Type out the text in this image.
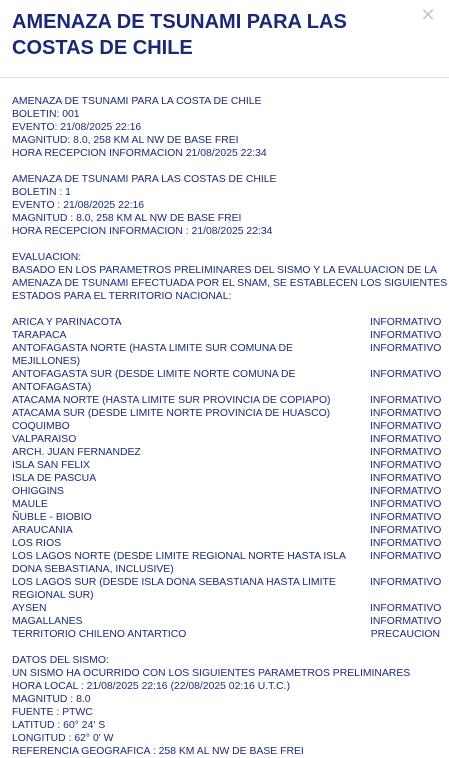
AMENAZA DE TSUNAMI PARA LAS COSTAS DE CHILE
✕
AMENAZA DE TSUNAMI PARA LA COSTA DE CHILE
BOLETIN: 001
EVENTO: 21/08/2025 22:16
MAGNITUD: 8.0, 258 KM AL NW DE BASE FREI
HORA RECEPCION INFORMACION 21/08/2025 22:34
AMENAZA DE TSUNAMI PARA LAS COSTAS DE CHILE
BOLETIN : 1
EVENTO : 21/08/2025 22:16
MAGNITUD : 8.0, 258 KM AL NW DE BASE FREI
HORA RECEPCION INFORMACION : 21/08/2025 22:34
EVALUACION:
BASADO EN LOS PARAMETROS PRELIMINARES DEL SISMO Y LA EVALUACION DE LA
AMENAZA DE TSUNAMI EFECTUADA POR EL SNAM, SE ESTABLECEN LOS SIGUIENTES
ESTADOS PARA EL TERRITORIO NACIONAL:
ARICA Y PARINACOTA	INFORMATIVO
TARAPACA	INFORMATIVO
ANTOFAGASTA NORTE (HASTA LIMITE SUR COMUNA DE MEJILLONES)
INFORMATIVO
ANTOFAGASTA SUR (DESDE LIMITE NORTE COMUNA DE ANTOFAGASTA)
INFORMATIVO
ATACAMA NORTE (HASTA LIMITE SUR PROVINCIA DE COPIAPO)	INFORMATIVO
ATACAMA SUR (DESDE LIMITE NORTE PROVINCIA DE HUASCO)	INFORMATIVO
COQUIMBO	INFORMATIVO
VALPARAISO	INFORMATIVO
ARCH. JUAN FERNANDEZ	INFORMATIVO
ISLA SAN FELIX	INFORMATIVO
ISLA DE PASCUA	INFORMATIVO
OHIGGINS	INFORMATIVO
MAULE	INFORMATIVO
ÑUBLE - BIOBIO	INFORMATIVO
ARAUCANIA	INFORMATIVO
LOS RIOS	INFORMATIVO
LOS LAGOS NORTE (DESDE LIMITE REGIONAL NORTE HASTA ISLA DONA SEBASTIANA, INCLUSIVE)
INFORMATIVO
LOS LAGOS SUR (DESDE ISLA DONA SEBASTIANA HASTA LIMITE REGIONAL SUR)
INFORMATIVO
AYSEN	INFORMATIVO
MAGALLANES	INFORMATIVO
TERRITORIO CHILENO ANTARTICO	PRECAUCION
DATOS DEL SISMO:
UN SISMO HA OCURRIDO CON LOS SIGUIENTES PARAMETROS PRELIMINARES
HORA LOCAL : 21/08/2025 22:16 (22/08/2025 02:16 U.T.C.)
MAGNITUD : 8.0
FUENTE : PTWC
LATITUD : 60° 24' S
LONGITUD : 62° 0' W
REFERENCIA GEOGRAFICA : 258 KM AL NW DE BASE FREI
